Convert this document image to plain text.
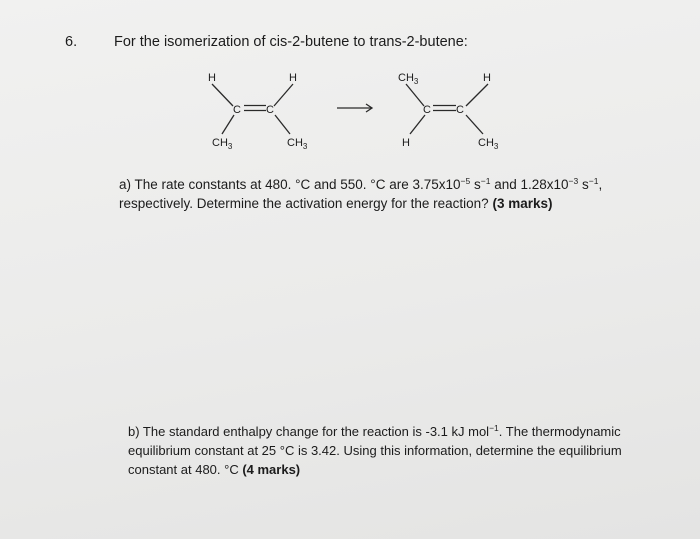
6.	For the isomerization of cis-2-butene to trans-2-butene:
H	H
C C
$CH_3$	$CH_3$
$CH_3$	H
C C
H	$CH_3$
a) The rate constants at 480. °C and 550. °C are $3.75x10^{-5}$ $s^{-1}$ and $1.28x10^{-3}$ $s^{-1}$,
respectively. Determine the activation energy for the reaction? (3 marks)
b) The standard enthalpy change for the reaction is -3.1 kJ mol$^{-1}$. The thermodynamic
equilibrium constant at 25 °C is 3.42. Using this information, determine the equilibrium
constant at 480. °C (4 marks)
